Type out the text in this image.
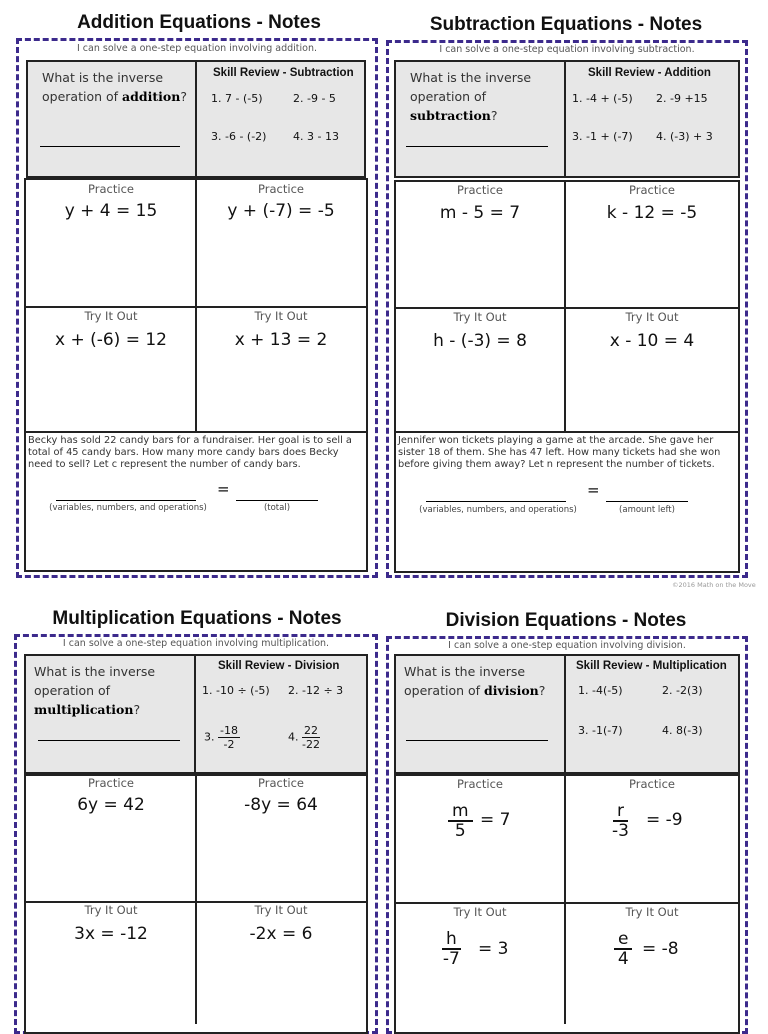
Addition Equations - Notes
I can solve a one-step equation involving addition.
What is the inverse operation of addition?
Skill Review - Subtraction
1. 7 - (-5)	2. -9 - 5
3. -6 - (-2) 4. 3 - 13
Practice	Practice
y + 4 = 15	y + (-7) = -5
Try It Out	Try It Out
x + (-6) = 12	x + 13 = 2
Becky has sold 22 candy bars for a fundraiser. Her goal is to sell a total of 45 candy bars. How many more candy bars does Becky need to sell? Let c represent the number of candy bars.
=
(variables, numbers, and operations)	(total)
Subtraction Equations - Notes
I can solve a one-step equation involving subtraction.
What is the inverse operation of subtraction?
Skill Review - Addition
1. -4 + (-5) 2. -9 +15
3. -1 + (-7) 4. (-3) + 3
Practice	Practice
m - 5 = 7	k - 12 = -5
Try It Out	Try It Out
h - (-3) = 8	x - 10 = 4
Jennifer won tickets playing a game at the arcade. She gave her sister 18 of them. She has 47 left. How many tickets had she won before giving them away? Let n represent the number of tickets.
=
(variables, numbers, and operations)	(amount left)
©2016 Math on the Move
Multiplication Equations - Notes
I can solve a one-step equation involving multiplication.
What is the inverse operation of multiplication?
Skill Review - Division
1. -10 ÷ (-5) 2. -12 ÷ 3
3. $\frac{-18}{-2}$	4. $\frac{22}{-22}$
Practice	Practice
6y = 42	-8y = 64
Try It Out	Try It Out
3x = -12	-2x = 6
Division Equations - Notes
I can solve a one-step equation involving division.
What is the inverse operation of division?
Skill Review - Multiplication
1. -4(-5)	2. -2(3)
3. -1(-7)	4. 8(-3)
Practice	Practice
$\frac{m}{5} = 7$	$\frac{r}{-3} = -9$
Try It Out	Try It Out
$\frac{h}{-7} = 3$	$\frac{e}{4} = -8$
